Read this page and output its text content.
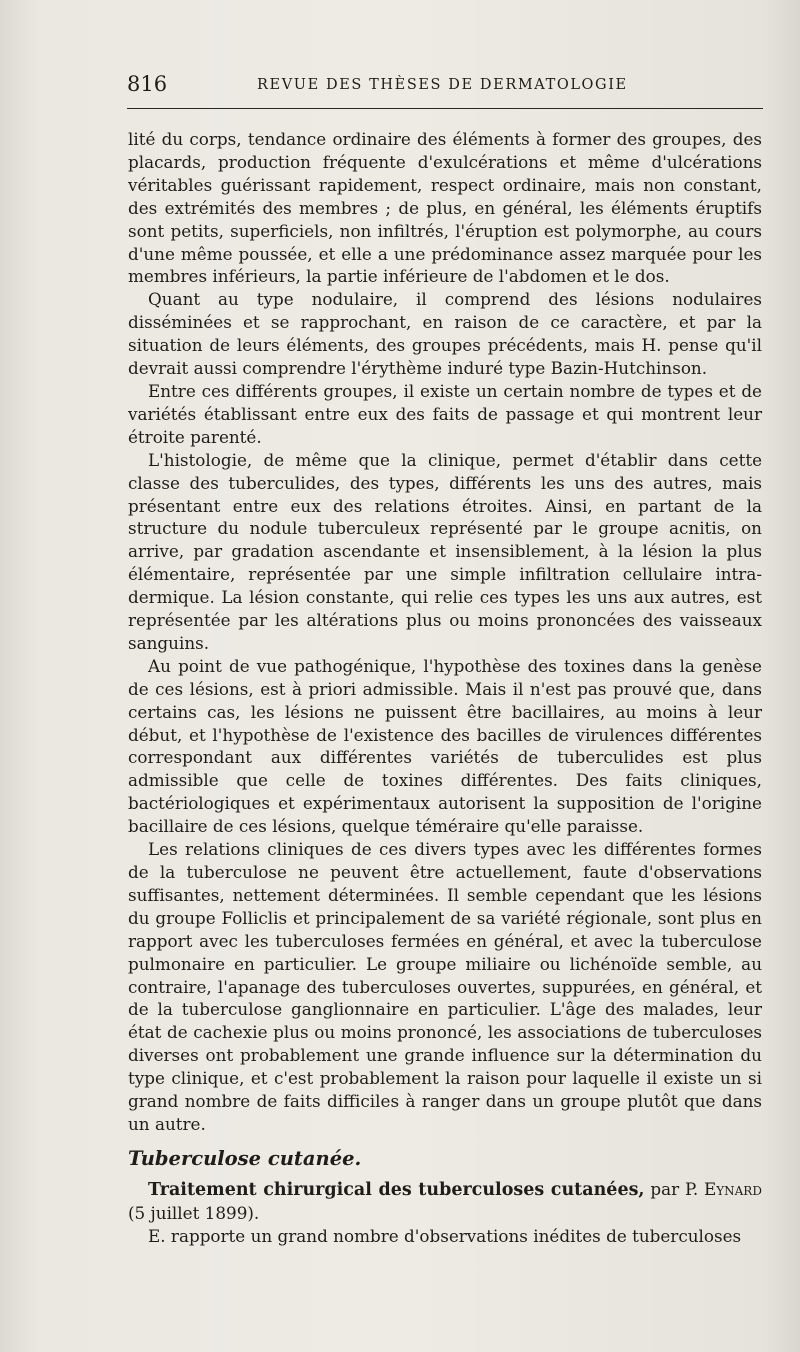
816	REVUE DES THÈSES DE DERMATOLOGIE

lité du corps, tendance ordinaire des éléments à former des groupes, des placards, production fréquente d'exulcérations et même d'ulcérations véritables guérissant rapidement, respect ordinaire, mais non constant, des extrémités des membres ; de plus, en général, les éléments éruptifs sont petits, superficiels, non infiltrés, l'éruption est polymorphe, au cours d'une même poussée, et elle a une prédominance assez marquée pour les membres inférieurs, la partie inférieure de l'abdomen et le dos.

Quant au type nodulaire, il comprend des lésions nodulaires disséminées et se rapprochant, en raison de ce caractère, et par la situation de leurs éléments, des groupes précédents, mais H. pense qu'il devrait aussi comprendre l'érythème induré type Bazin-Hutchinson.

Entre ces différents groupes, il existe un certain nombre de types et de variétés établissant entre eux des faits de passage et qui montrent leur étroite parenté.

L'histologie, de même que la clinique, permet d'établir dans cette classe des tuberculides, des types, différents les uns des autres, mais présentant entre eux des relations étroites. Ainsi, en partant de la structure du nodule tuberculeux représenté par le groupe acnitis, on arrive, par gradation ascendante et insensiblement, à la lésion la plus élémentaire, représentée par une simple infiltration cellulaire intra-dermique. La lésion constante, qui relie ces types les uns aux autres, est représentée par les altérations plus ou moins prononcées des vaisseaux sanguins.

Au point de vue pathogénique, l'hypothèse des toxines dans la genèse de ces lésions, est à priori admissible. Mais il n'est pas prouvé que, dans certains cas, les lésions ne puissent être bacillaires, au moins à leur début, et l'hypothèse de l'existence des bacilles de virulences différentes correspondant aux différentes variétés de tuberculides est plus admissible que celle de toxines différentes. Des faits cliniques, bactériologiques et expérimentaux autorisent la supposition de l'origine bacillaire de ces lésions, quelque téméraire qu'elle paraisse.

Les relations cliniques de ces divers types avec les différentes formes de la tuberculose ne peuvent être actuellement, faute d'observations suffisantes, nettement déterminées. Il semble cependant que les lésions du groupe Folliclis et principalement de sa variété régionale, sont plus en rapport avec les tuberculoses fermées en général, et avec la tuberculose pulmonaire en particulier. Le groupe miliaire ou lichénoïde semble, au contraire, l'apanage des tuberculoses ouvertes, suppurées, en général, et de la tuberculose ganglionnaire en particulier. L'âge des malades, leur état de cachexie plus ou moins prononcé, les associations de tuberculoses diverses ont probablement une grande influence sur la détermination du type clinique, et c'est probablement la raison pour laquelle il existe un si grand nombre de faits difficiles à ranger dans un groupe plutôt que dans un autre.

Tuberculose cutanée.

Traitement chirurgical des tuberculoses cutanées, par P. Eynard (5 juillet 1899).

E. rapporte un grand nombre d'observations inédites de tuberculoses
